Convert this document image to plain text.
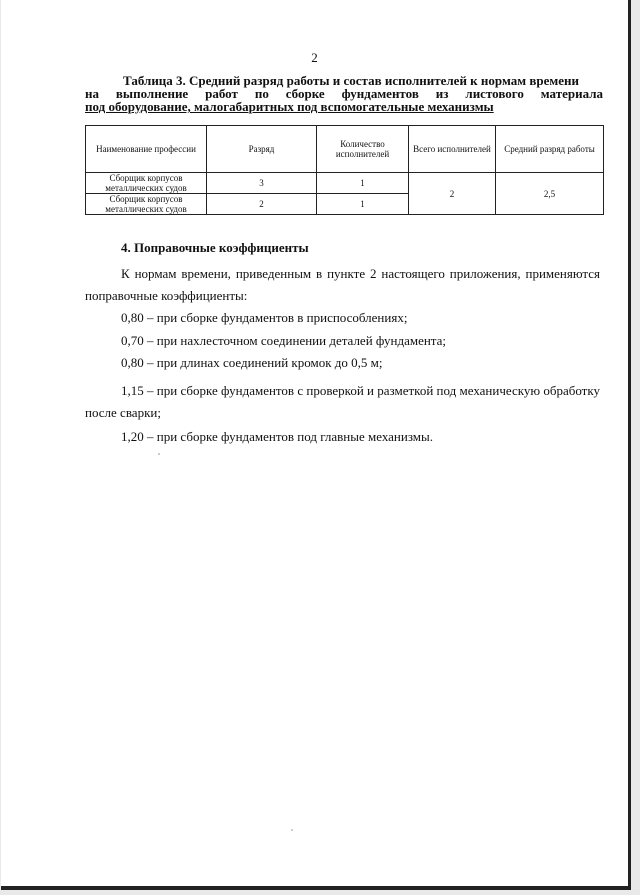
2
Таблица 3. Средний разряд работы и состав исполнителей к нормам времени
на выполнение работ по сборке фундаментов из листового материала
под оборудование, малогабаритных под вспомогательные механизмы
Наименование профессии	Разряд	Количество исполнителей	Всего исполнителей	Средний разряд работы
Сборщик корпусов металлических судов	3	1	2	2,5
Сборщик корпусов металлических судов	2	1		
4. Поправочные коэффициенты
К нормам времени, приведенным в пункте 2 настоящего приложения, применяются
поправочные коэффициенты:
0,80 – при сборке фундаментов в приспособлениях;
0,70 – при нахлесточном соединении деталей фундамента;
0,80 – при длинах соединений кромок до 0,5 м;
1,15 – при сборке фундаментов с проверкой и разметкой под механическую обработку
после сварки;
1,20 – при сборке фундаментов под главные механизмы.
